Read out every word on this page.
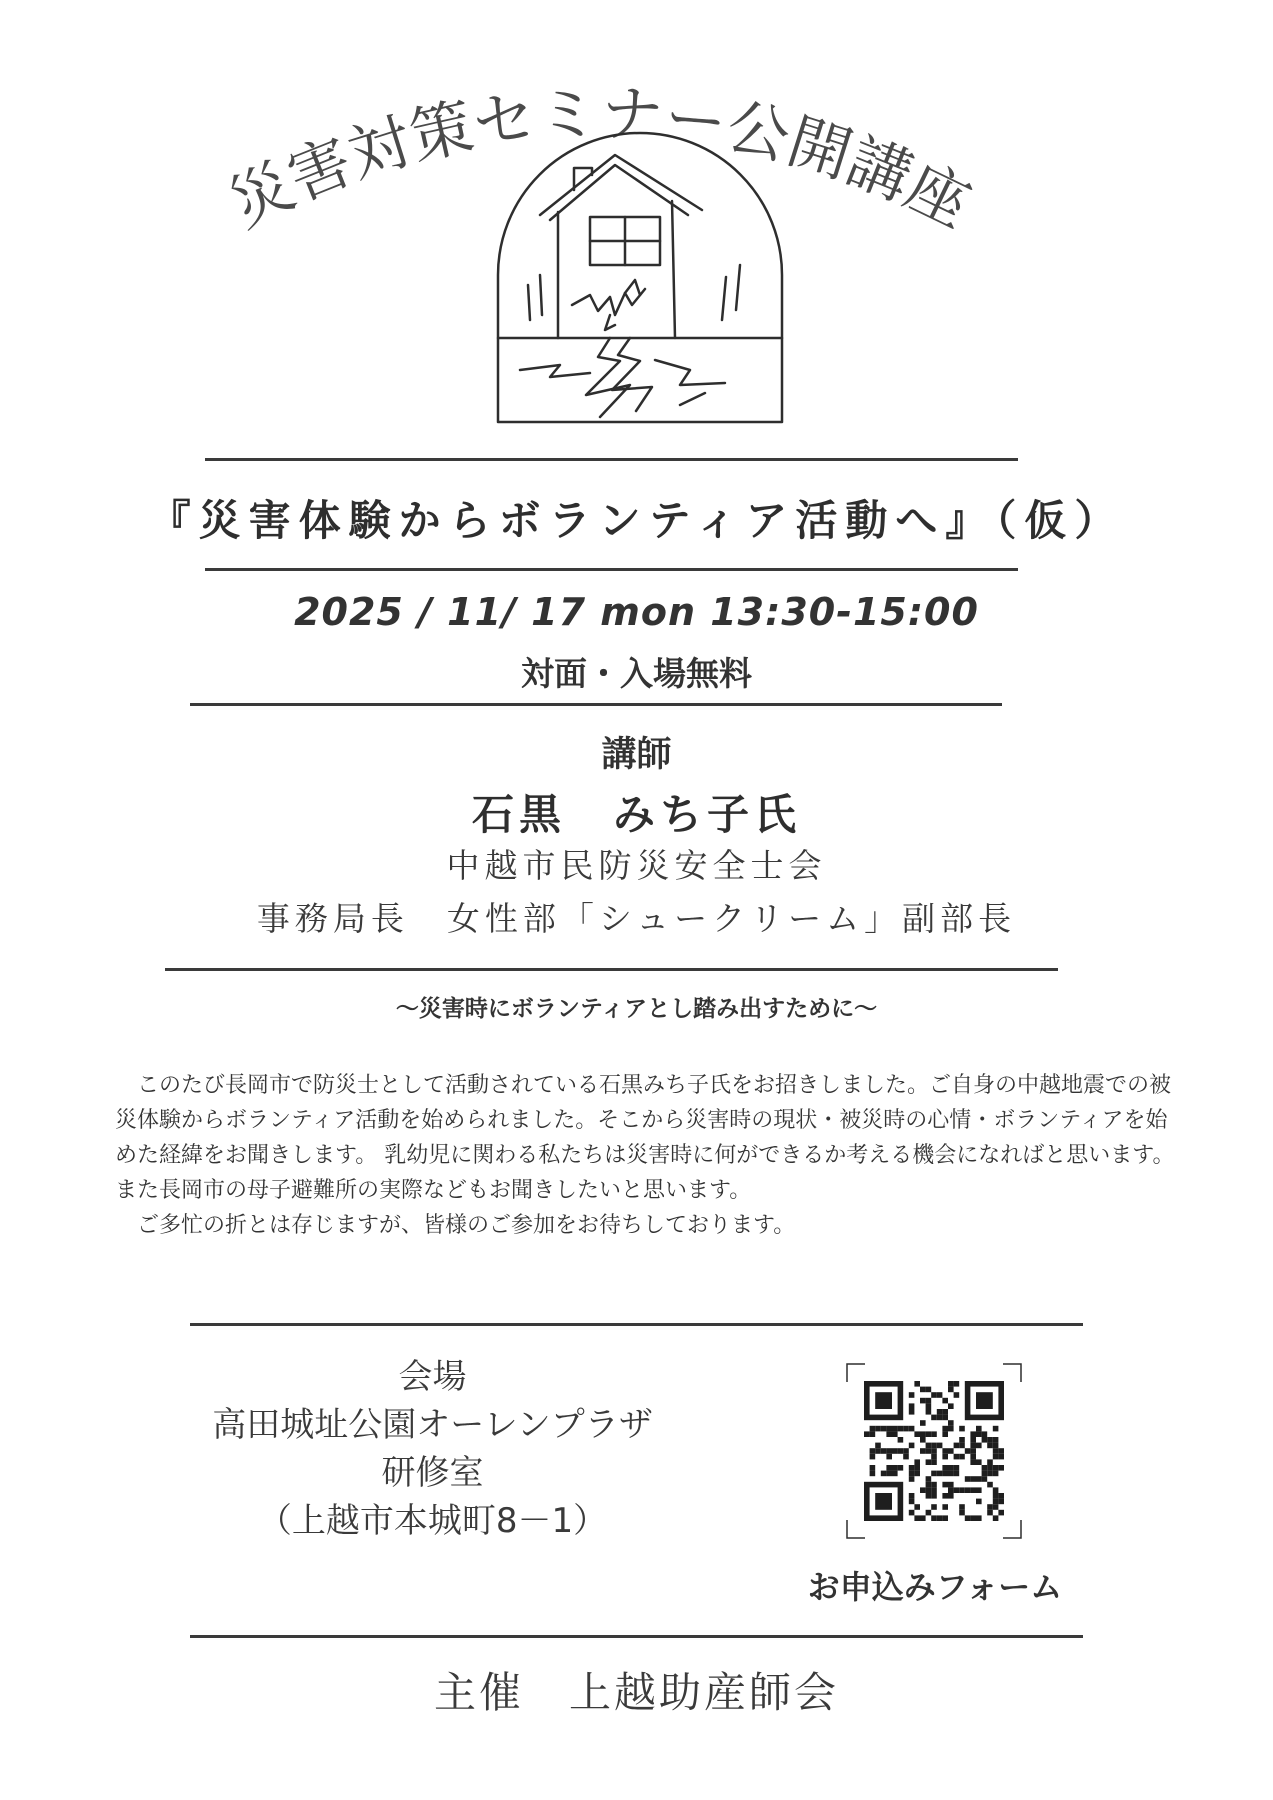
災害対策セミナー公開講座
『災害体験からボランティア活動へ』（仮）
2025 / 11/ 17 mon 13:30-15:00
対面・入場無料
講師
石黒　みち子氏
中越市民防災安全士会
事務局長　女性部「シュークリーム」副部長
～災害時にボランティアとし踏み出すために～

このたび長岡市で防災士として活動されている石黒みち子氏をお招きしました。ご自身の中越地震での被災体験からボランティア活動を始められました。そこから災害時の現状・被災時の心情・ボランティアを始めた経緯をお聞きします。 乳幼児に関わる私たちは災害時に何ができるか考える機会になればと思います。また長岡市の母子避難所の実際などもお聞きしたいと思います。

ご多忙の折とは存じますが、皆様のご参加をお待ちしております。

会場
高田城址公園オーレンプラザ
研修室
（上越市本城町8－1）
お申込みフォーム
主催　上越助産師会
